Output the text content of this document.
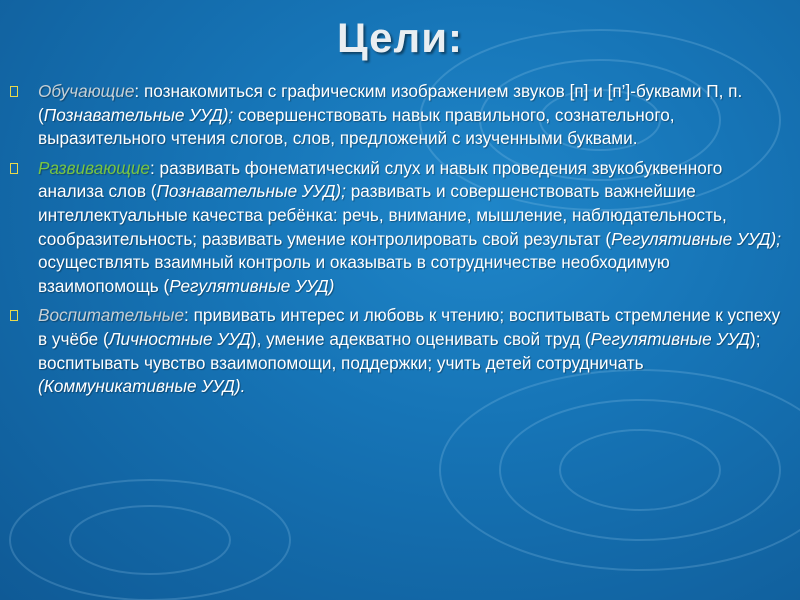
Цели:
Обучающие: познакомиться с графическим изображением звуков [п] и [п’]-буквами П, п. (Познавательные УУД); совершенствовать навык правильного, сознательного, выразительного чтения слогов, слов, предложений с изученными буквами.
Развивающие: развивать фонематический слух и навык проведения звукобуквенного анализа слов (Познавательные УУД); развивать и совершенствовать важнейшие интеллектуальные качества ребёнка: речь, внимание, мышление, наблюдательность, сообразительность; развивать умение контролировать свой результат (Регулятивные УУД); осуществлять взаимный контроль и оказывать в сотрудничестве необходимую взаимопомощь (Регулятивные УУД)
Воспитательные: прививать интерес и любовь к чтению; воспитывать стремление к успеху в учёбе (Личностные УУД), умение адекватно оценивать свой труд (Регулятивные УУД); воспитывать чувство взаимопомощи, поддержки; учить детей сотрудничать (Коммуникативные УУД).
